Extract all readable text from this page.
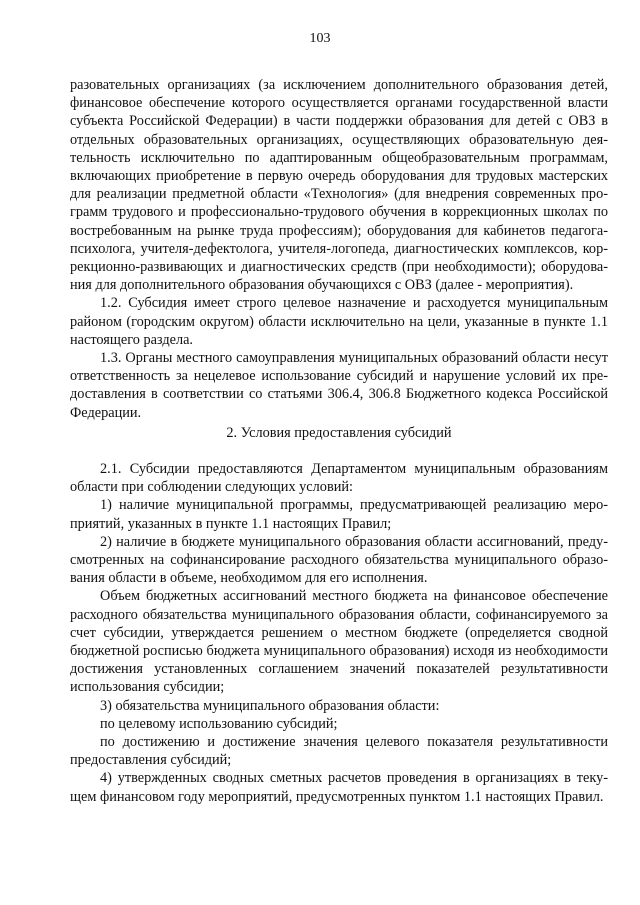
103

разовательных организациях (за исключением дополнительного образования детей, финансовое обеспечение которого осуществляется органами государственной власти субъекта Российской Федерации) в части поддержки образования для детей с ОВЗ в отдельных образовательных организациях, осуществляющих образовательную деятельность исключительно по адаптированным общеобразовательным программам, включающих приобретение в первую очередь оборудования для трудовых мастерских для реализации предметной области «Технология» (для внедрения современных программ трудового и профессионально-трудового обучения в коррекционных школах по востребованным на рынке труда профессиям); оборудования для кабинетов педагога-психолога, учителя-дефектолога, учителя-логопеда, диагностических комплексов, коррекционно-развивающих и диагностических средств (при необходимости); оборудования для дополнительного образования обучающихся с ОВЗ (далее - мероприятия).

1.2. Субсидия имеет строго целевое назначение и расходуется муниципальным районом (городским округом) области исключительно на цели, указанные в пункте 1.1 настоящего раздела.

1.3. Органы местного самоуправления муниципальных образований области несут ответственность за нецелевое использование субсидий и нарушение условий их предоставления в соответствии со статьями 306.4, 306.8 Бюджетного кодекса Российской Федерации.

2. Условия предоставления субсидий

2.1. Субсидии предоставляются Департаментом муниципальным образованиям области при соблюдении следующих условий:

1) наличие муниципальной программы, предусматривающей реализацию мероприятий, указанных в пункте 1.1 настоящих Правил;

2) наличие в бюджете муниципального образования области ассигнований, предусмотренных на софинансирование расходного обязательства муниципального образования области в объеме, необходимом для его исполнения.

Объем бюджетных ассигнований местного бюджета на финансовое обеспечение расходного обязательства муниципального образования области, софинансируемого за счет субсидии, утверждается решением о местном бюджете (определяется сводной бюджетной росписью бюджета муниципального образования) исходя из необходимости достижения установленных соглашением значений показателей результативности использования субсидии;

3) обязательства муниципального образования области:

по целевому использованию субсидий;

по достижению и достижение значения целевого показателя результативности предоставления субсидий;

4) утвержденных сводных сметных расчетов проведения в организациях в текущем финансовом году мероприятий, предусмотренных пунктом 1.1 настоящих Правил.
